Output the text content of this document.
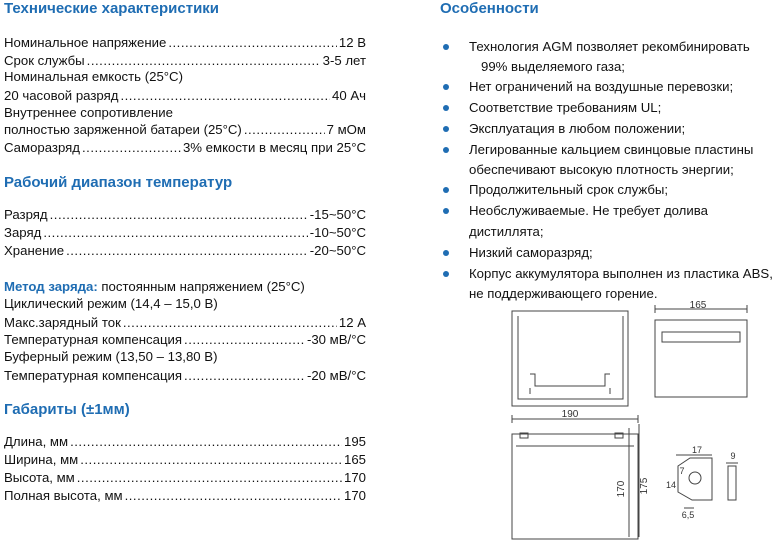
Технические характеристики
Номинальное напряжение .....	12 В
Срок службы .....	3-5 лет
Номинальная емкость (25°C)
20 часовой разряд .....	40 Ач
Внутреннее сопротивление
полностью заряженной батареи (25°C) .....	7 мОм
Саморазряд .....	3% емкости в месяц при 25°C
Рабочий диапазон температур
Разряд .....	-15~50°C
Заряд .....	-10~50°C
Хранение .....	-20~50°C
Метод заряда: постоянным напряжением (25°C)
Циклический режим (14,4 – 15,0 В)
Макс.зарядный ток .....	12 А
Температурная компенсация .....	-30 мВ/°C
Буферный режим (13,50 – 13,80 В)
Температурная компенсация .....	-20 мВ/°C
Габариты (±1мм)
Длина, мм .....	195
Ширина, мм .....	165
Высота, мм .....	170
Полная высота, мм .....	170
Особенности
Технология AGM позволяет рекомбинировать
99% выделяемого газа;
Нет ограничений на воздушные перевозки;
Соответствие требованиям UL;
Эксплуатация в любом положении;
Легированные кальцием свинцовые пластины
обеспечивают высокую плотность энергии;
Продолжительный срок службы;
Необслуживаемые. Не требует долива дистиллята;
Низкий саморазряд;
Корпус аккумулятора выполнен из пластика ABS,
не поддерживающего горение.
165
190
170 175
17
7
14
6,5
9
